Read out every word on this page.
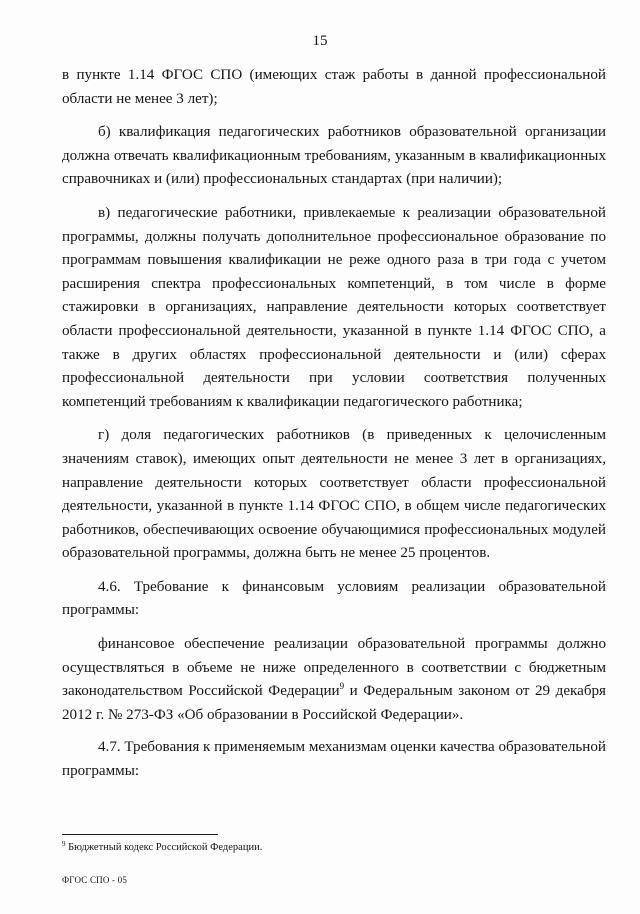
15

в пункте 1.14 ФГОС СПО (имеющих стаж работы в данной профессиональной области не менее 3 лет);

б) квалификация педагогических работников образовательной организации должна отвечать квалификационным требованиям, указанным в квалификационных справочниках и (или) профессиональных стандартах (при наличии);

в) педагогические работники, привлекаемые к реализации образовательной программы, должны получать дополнительное профессиональное образование по программам повышения квалификации не реже одного раза в три года с учетом расширения спектра профессиональных компетенций, в том числе в форме стажировки в организациях, направление деятельности которых соответствует области профессиональной деятельности, указанной в пункте 1.14 ФГОС СПО, а также в других областях профессиональной деятельности и (или) сферах профессиональной деятельности при условии соответствия полученных компетенций требованиям к квалификации педагогического работника;

г) доля педагогических работников (в приведенных к целочисленным значениям ставок), имеющих опыт деятельности не менее 3 лет в организациях, направление деятельности которых соответствует области профессиональной деятельности, указанной в пункте 1.14 ФГОС СПО, в общем числе педагогических работников, обеспечивающих освоение обучающимися профессиональных модулей образовательной программы, должна быть не менее 25 процентов.

4.6. Требование к финансовым условиям реализации образовательной программы:

финансовое обеспечение реализации образовательной программы должно осуществляться в объеме не ниже определенного в соответствии с бюджетным законодательством Российской Федерации$^9$ и Федеральным законом от 29 декабря 2012 г. № 273-ФЗ «Об образовании в Российской Федерации».

4.7. Требования к применяемым механизмам оценки качества образовательной программы:

$^9$ Бюджетный кодекс Российской Федерации.
ФГОС СПО - 05
